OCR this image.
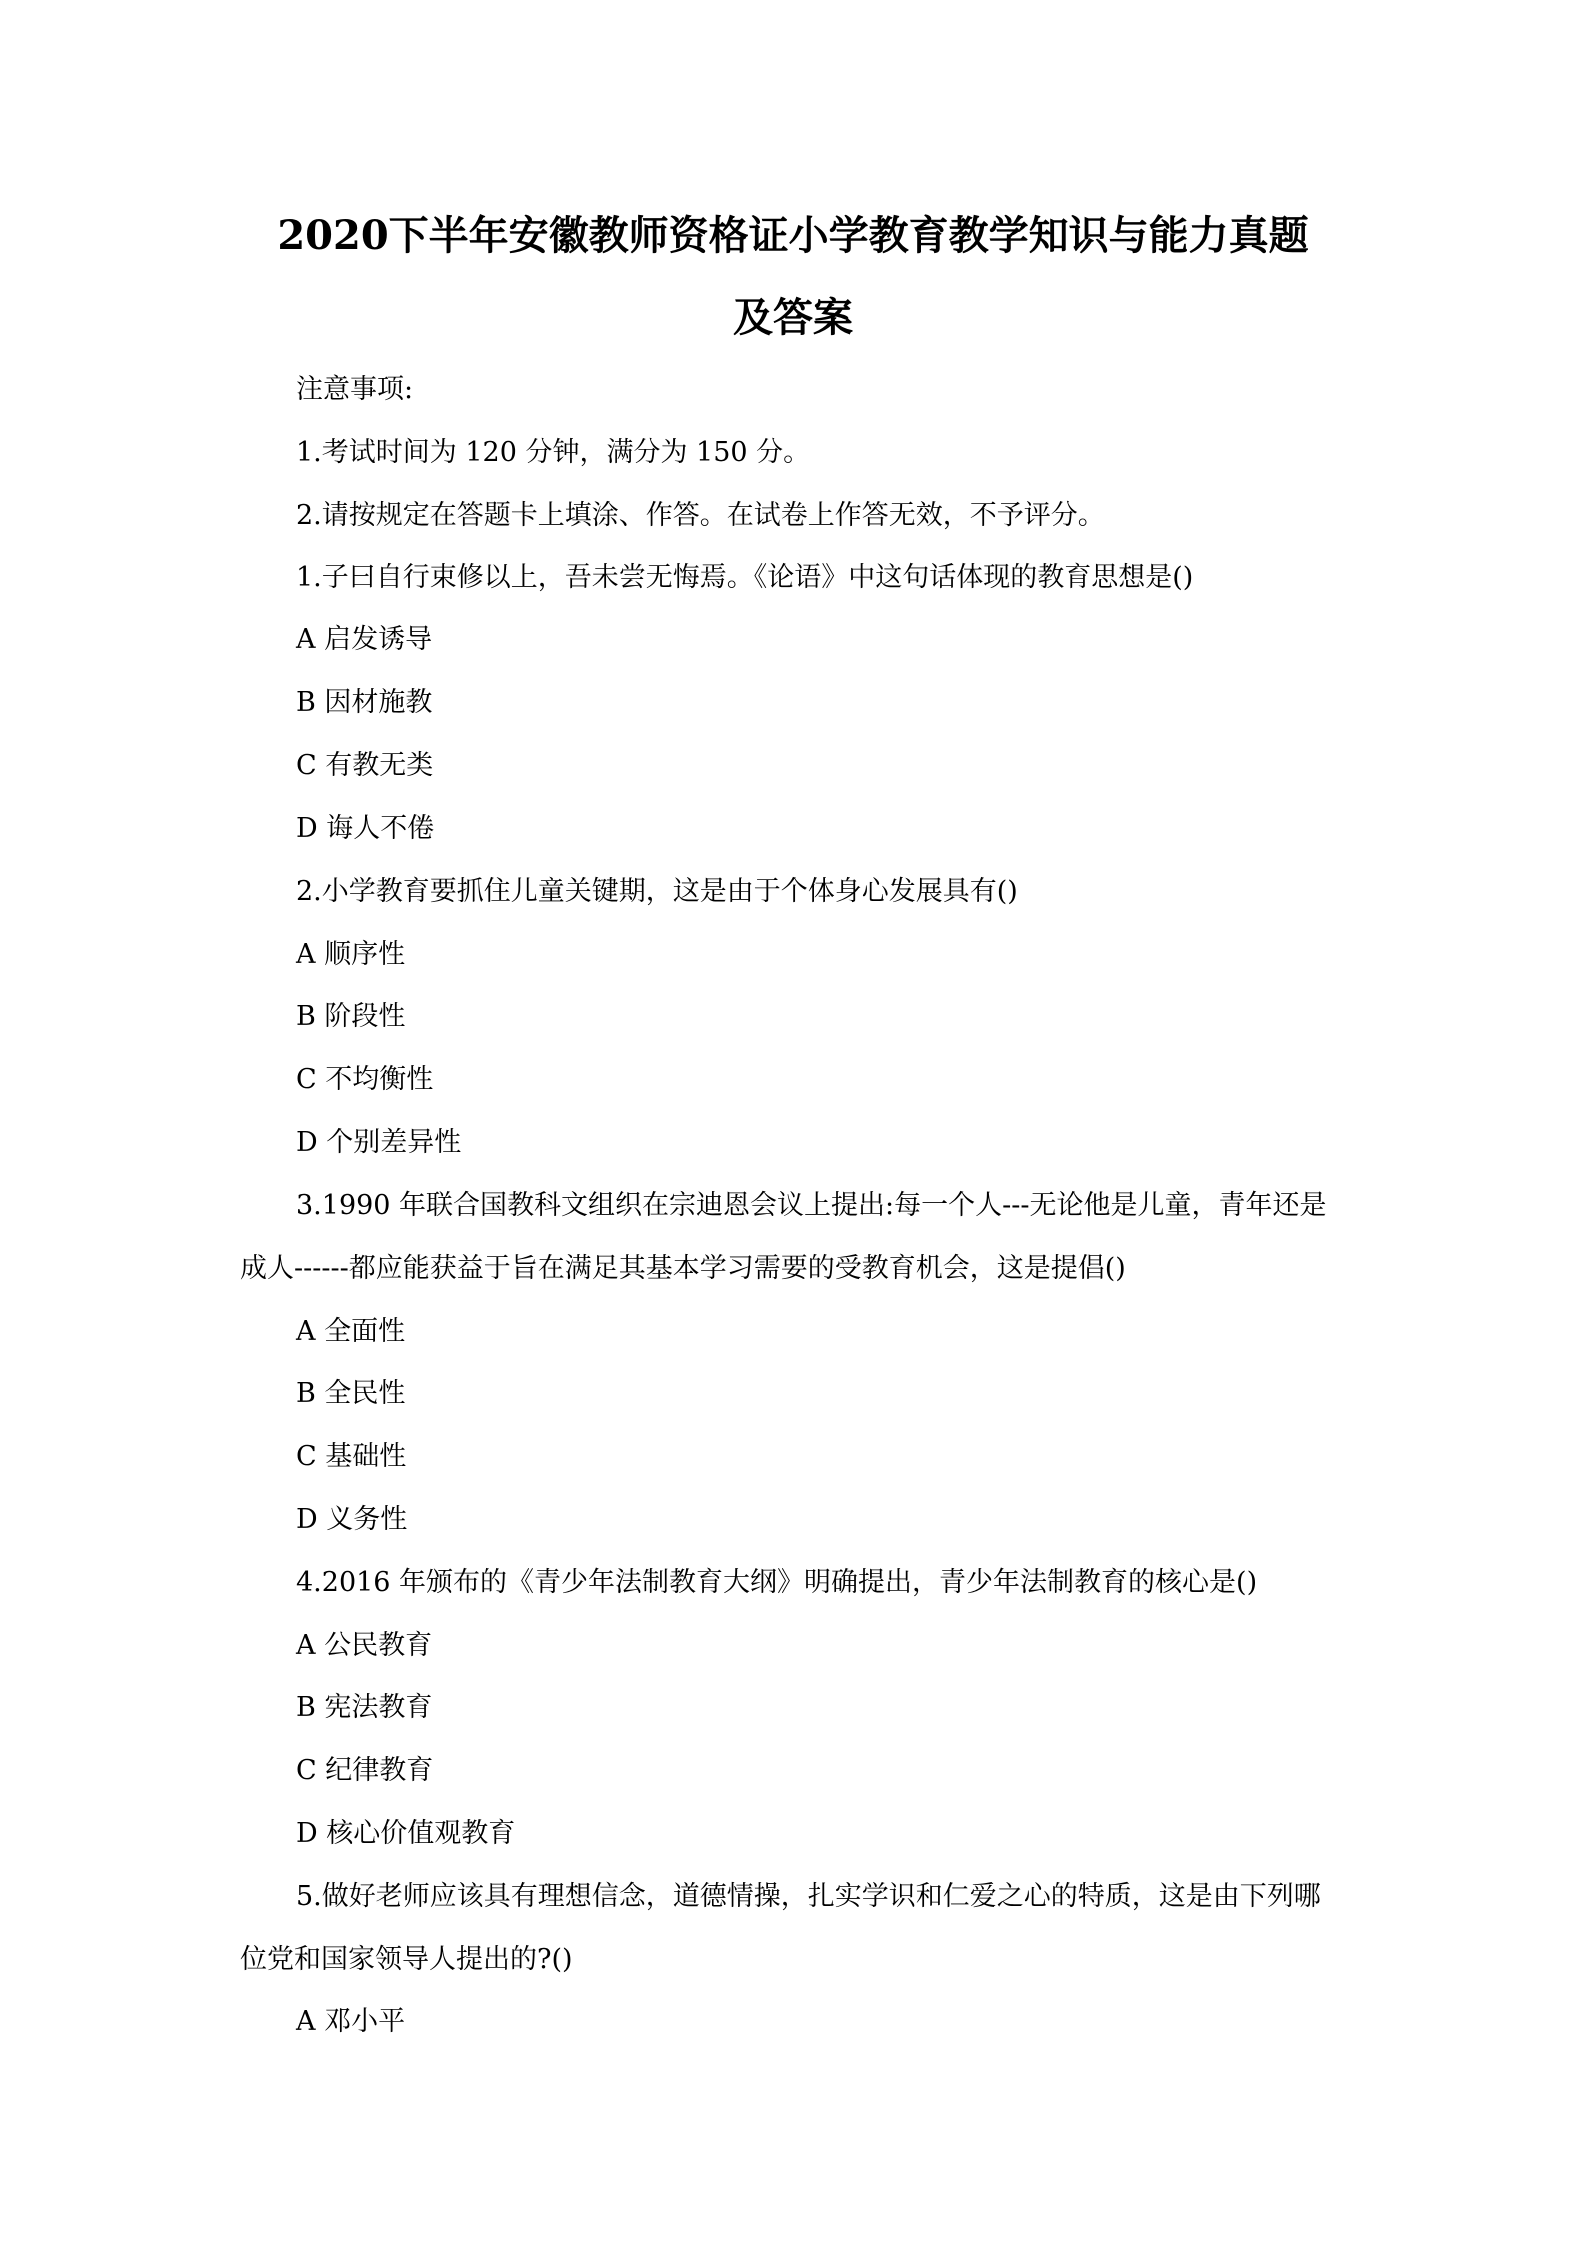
2020下半年安徽教师资格证小学教育教学知识与能力真题
及答案
注意事项:
1.考试时间为 120 分钟，满分为 150 分。
2.请按规定在答题卡上填涂、作答。在试卷上作答无效，不予评分。
1.子曰自行束修以上，吾未尝无悔焉。《论语》中这句话体现的教育思想是()
A 启发诱导
B 因材施教
C 有教无类
D 诲人不倦
2.小学教育要抓住儿童关键期，这是由于个体身心发展具有()
A 顺序性
B 阶段性
C 不均衡性
D 个别差异性
3.1990 年联合国教科文组织在宗迪恩会议上提出:每一个人---无论他是儿童，青年还是
成人------都应能获益于旨在满足其基本学习需要的受教育机会，这是提倡()
A 全面性
B 全民性
C 基础性
D 义务性
4.2016 年颁布的《青少年法制教育大纲》明确提出，青少年法制教育的核心是()
A 公民教育
B 宪法教育
C 纪律教育
D 核心价值观教育
5.做好老师应该具有理想信念，道德情操，扎实学识和仁爱之心的特质，这是由下列哪
位党和国家领导人提出的?()
A 邓小平
